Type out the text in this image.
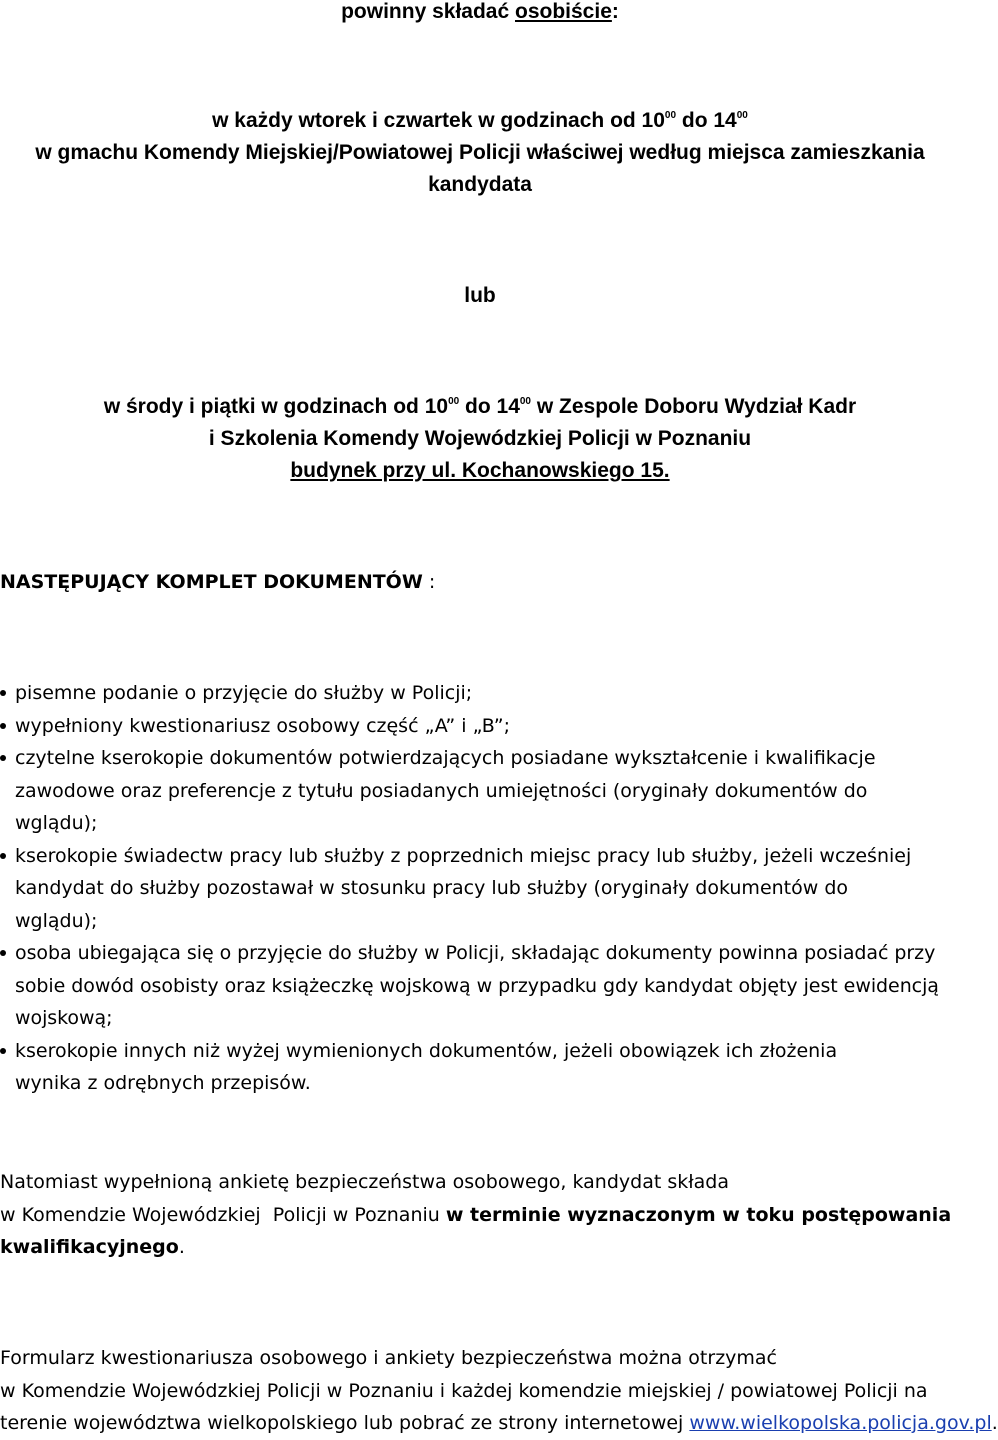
powinny składać osobiście:
w każdy wtorek i czwartek w godzinach od $10^{00}$ do $14^{00}$
w gmachu Komendy Miejskiej/Powiatowej Policji właściwej według miejsca zamieszkania
kandydata
lub
w środy i piątki w godzinach od $10^{00}$ do $14^{00}$ w Zespole Doboru Wydział Kadr
i Szkolenia Komendy Wojewódzkiej Policji w Poznaniu
budynek przy ul. Kochanowskiego 15.
NASTĘPUJĄCY KOMPLET DOKUMENTÓW :
pisemne podanie o przyjęcie do służby w Policji;
wypełniony kwestionariusz osobowy część „A” i „B”;
czytelne kserokopie dokumentów potwierdzających posiadane wykształcenie i kwalifikacje zawodowe oraz preferencje z tytułu posiadanych umiejętności (oryginały dokumentów do wglądu);
kserokopie świadectw pracy lub służby z poprzednich miejsc pracy lub służby, jeżeli wcześniej kandydat do służby pozostawał w stosunku pracy lub służby (oryginały dokumentów do wglądu);
osoba ubiegająca się o przyjęcie do służby w Policji, składając dokumenty powinna posiadać przy sobie dowód osobisty oraz książeczkę wojskową w przypadku gdy kandydat objęty jest ewidencją wojskową;
kserokopie innych niż wyżej wymienionych dokumentów, jeżeli obowiązek ich złożenia wynika z odrębnych przepisów.
Natomiast wypełnioną ankietę bezpieczeństwa osobowego, kandydat składa
w Komendzie Wojewódzkiej  Policji w Poznaniu w terminie wyznaczonym w toku postępowania
kwalifikacyjnego.
Formularz kwestionariusza osobowego i ankiety bezpieczeństwa można otrzymać
w Komendzie Wojewódzkiej Policji w Poznaniu i każdej komendzie miejskiej / powiatowej Policji na
terenie województwa wielkopolskiego lub pobrać ze strony internetowej www.wielkopolska.policja.gov.pl.
